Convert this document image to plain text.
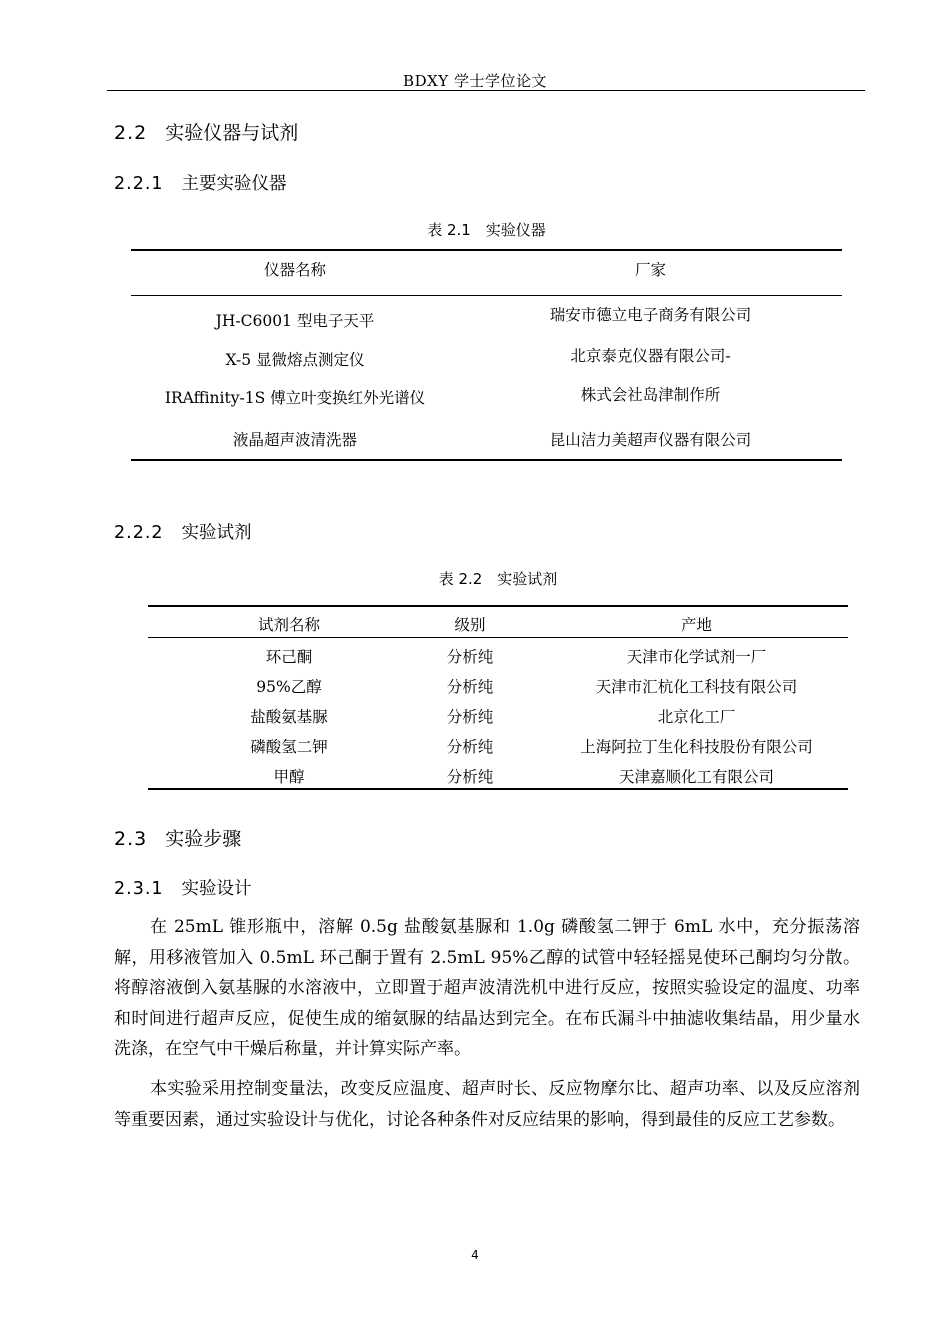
BDXY 学士学位论文
2.2 实验仪器与试剂
2.2.1 主要实验仪器
表 2.1　实验仪器
仪器名称	厂家
JH-C6001 型电子天平	瑞安市德立电子商务有限公司
X-5 显微熔点测定仪	北京泰克仪器有限公司-
IRAffinity-1S 傅立叶变换红外光谱仪	株式会社岛津制作所
液晶超声波清洗器	昆山洁力美超声仪器有限公司
2.2.2 实验试剂
表 2.2　实验试剂
试剂名称	级别	产地
环己酮	分析纯	天津市化学试剂一厂
95%乙醇	分析纯	天津市汇杭化工科技有限公司
盐酸氨基脲	分析纯	北京化工厂
磷酸氢二钾	分析纯	上海阿拉丁生化科技股份有限公司
甲醇	分析纯	天津嘉顺化工有限公司
2.3 实验步骤
2.3.1 实验设计

在 25mL 锥形瓶中，溶解 0.5g 盐酸氨基脲和 1.0g 磷酸氢二钾于 6mL 水中，充分振荡溶解，用移液管加入 0.5mL 环己酮于置有 2.5mL 95%乙醇的试管中轻轻摇晃使环己酮均匀分散。将醇溶液倒入氨基脲的水溶液中，立即置于超声波清洗机中进行反应，按照实验设定的温度、功率和时间进行超声反应，促使生成的缩氨脲的结晶达到完全。在布氏漏斗中抽滤收集结晶，用少量水洗涤，在空气中干燥后称量，并计算实际产率。

本实验采用控制变量法，改变反应温度、超声时长、反应物摩尔比、超声功率、以及反应溶剂等重要因素，通过实验设计与优化，讨论各种条件对反应结果的影响，得到最佳的反应工艺参数。

4
